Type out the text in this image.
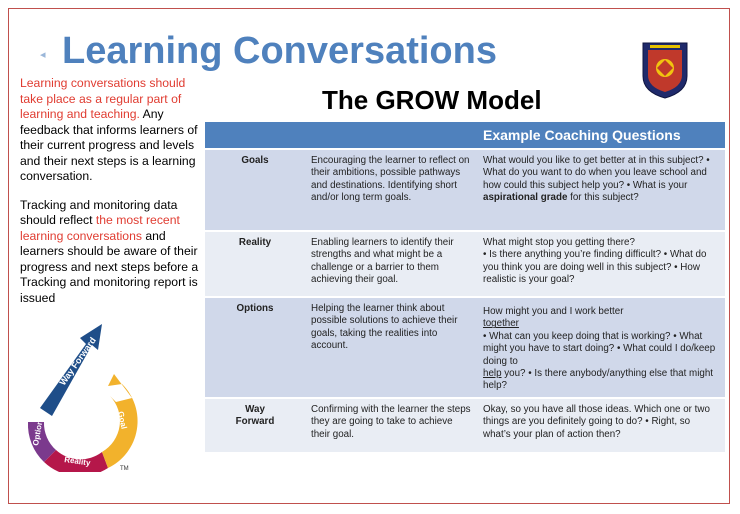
◂ Learning Conversations
The GROW Model

Learning conversations should take place as a regular part of learning and teaching. Any feedback that informs learners of their current progress and levels and their next steps is a learning conversation.

Tracking and monitoring data should reflect the most recent learning conversations and learners should be aware of their progress and next steps before a Tracking and monitoring report is issued

Way Forward
Goal
Reality
Options
TM
		Example Coaching Questions
Goals	Encouraging the learner to reflect on their ambitions, possible pathways and destinations. Identifying short and/or long term goals.	What would you like to get better at in this subject? • What do you want to do when you leave school and how could this subject help you? • What is your aspirational grade for this subject?
Reality	Enabling learners to identify their strengths and what might be a challenge or a barrier to them achieving their goal.	What might stop you getting there?
• Is there anything you’re finding difficult? • What do you think you are doing well in this subject? • How realistic is your goal?

Options	Helping the learner think about possible solutions to achieve their goals, taking the realities into account.	How might you and I work better
together
• What can you keep doing that is working? • What might you have to start doing? • What could I do/keep doing to
help you? • Is there anybody/anything else that might help?

Way Forward	Confirming with the learner the steps they are going to take to achieve their goal.	Okay, so you have all those ideas. Which one or two things are you definitely going to do? • Right, so what’s your plan of action then?
